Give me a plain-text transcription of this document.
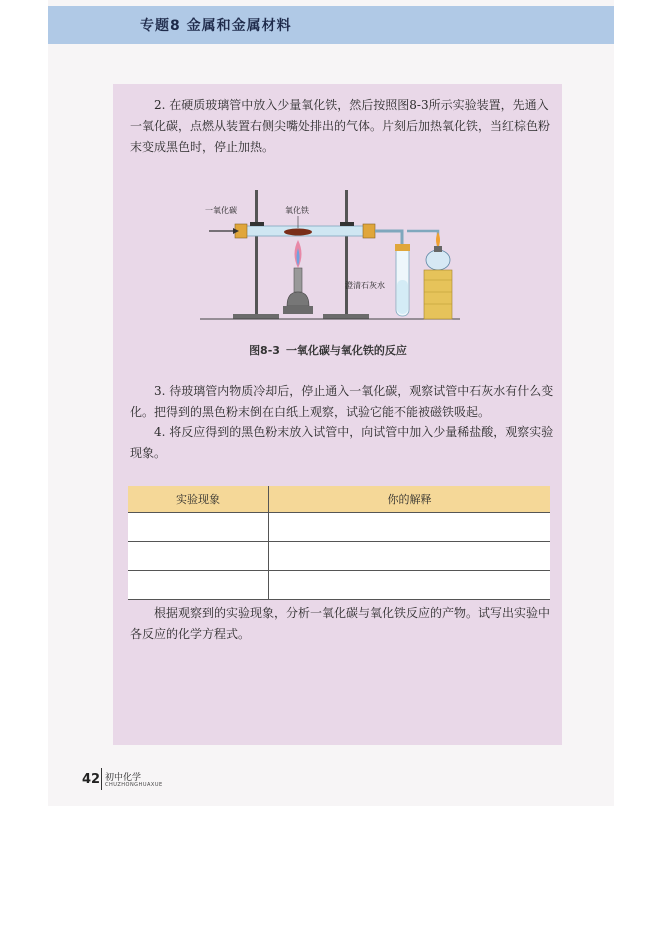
专题8 金属和金属材料

2. 在硬质玻璃管中放入少量氧化铁，然后按照图8-3所示实验装置，先通入一氧化碳，点燃从装置右侧尖嘴处排出的气体。片刻后加热氧化铁，当红棕色粉末变成黑色时，停止加热。

一氧化碳	氧化铁
澄清石灰水
图8-3 一氧化碳与氧化铁的反应

3. 待玻璃管内物质冷却后，停止通入一氧化碳，观察试管中石灰水有什么变化。把得到的黑色粉末倒在白纸上观察，试验它能不能被磁铁吸起。

4. 将反应得到的黑色粉末放入试管中，向试管中加入少量稀盐酸，观察实验现象。

实验现象	你的解释

根据观察到的实验现象，分析一氧化碳与氧化铁反应的产物。试写出实验中各反应的化学方程式。

42 初中化学
CHUZHONGHUAXUE
